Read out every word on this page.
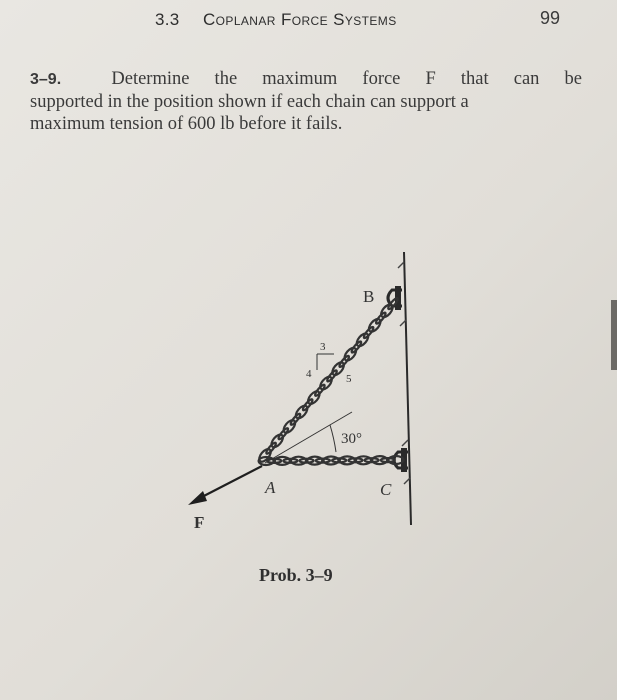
3.3 Coplanar Force Systems	99
3–9.	Determine the maximum force F that can be
supported in the position shown if each chain can support a
maximum tension of 600 lb before it fails.
3
4	5
30°
B
A	C
F
Prob. 3–9
